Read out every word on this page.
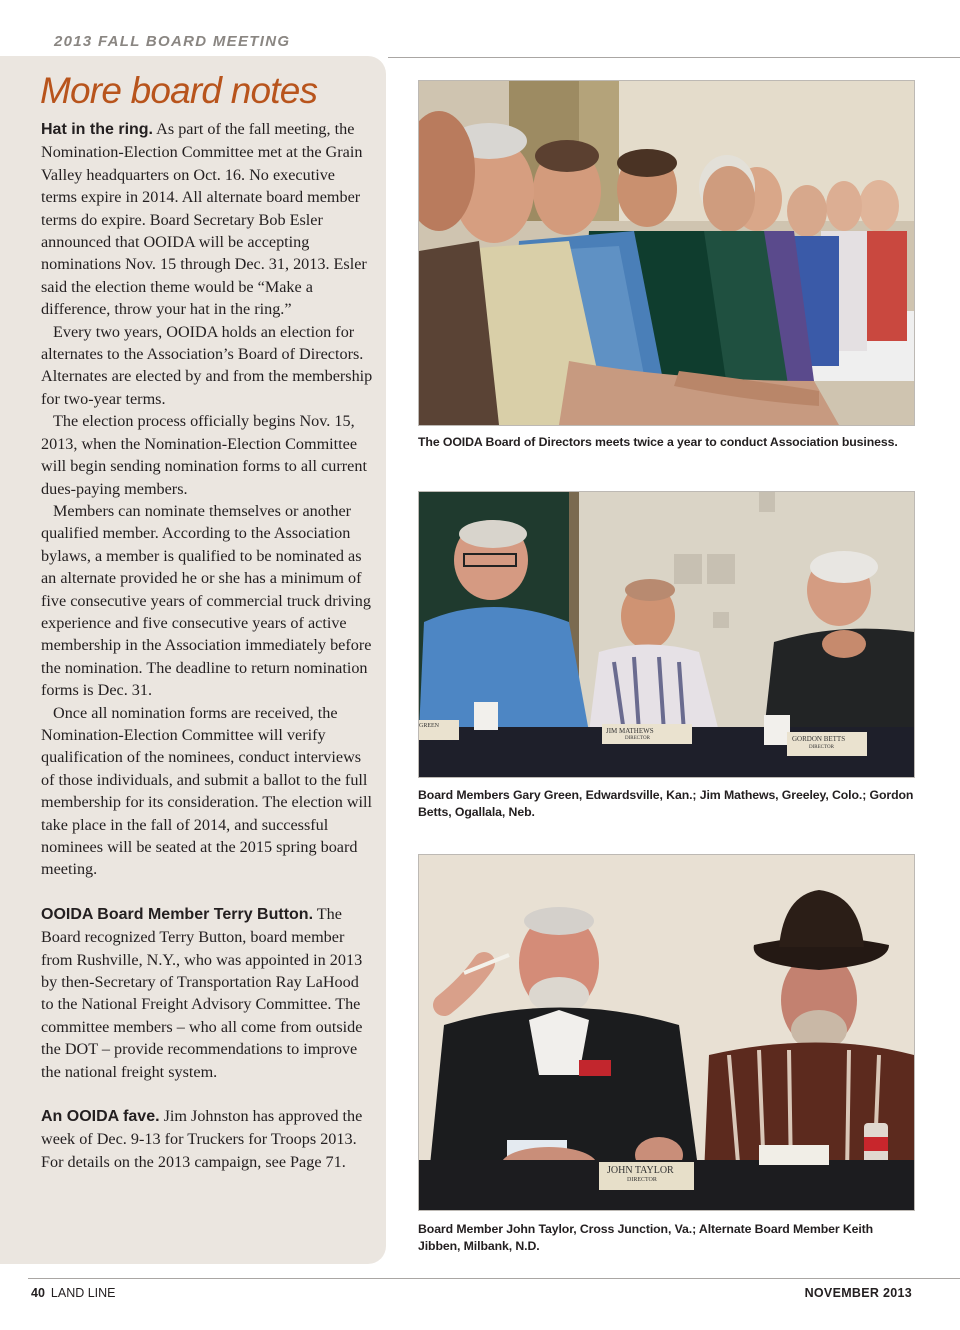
2013 FALL BOARD MEETING
More board notes

Hat in the ring. As part of the fall meeting, the Nomination-Election Committee met at the Grain Valley headquarters on Oct. 16. No executive terms expire in 2014. All alternate board member terms do expire. Board Secretary Bob Esler announced that OOIDA will be accepting nominations Nov. 15 through Dec. 31, 2013. Esler said the election theme would be “Make a difference, throw your hat in the ring.”

Every two years, OOIDA holds an election for alternates to the Association’s Board of Directors. Alternates are elected by and from the membership for two-year terms.

The election process officially begins Nov. 15, 2013, when the Nomination-Election Committee will begin sending nomination forms to all current dues-paying members.

Members can nominate themselves or another qualified member. According to the Association bylaws, a member is qualified to be nominated as an alternate provided he or she has a minimum of five consecutive years of commercial truck driving experience and five consecutive years of active membership in the Association immediately before the nomination. The deadline to return nomination forms is Dec. 31.

Once all nomination forms are received, the Nomination-Election Committee will verify qualification of the nominees, conduct interviews of those individuals, and submit a ballot to the full membership for its consideration. The election will take place in the fall of 2014, and successful nominees will be seated at the 2015 spring board meeting.

OOIDA Board Member Terry Button. The Board recognized Terry Button, board member from Rushville, N.Y., who was appointed in 2013 by then-Secretary of Transportation Ray LaHood to the National Freight Advisory Committee. The committee members – who all come from outside the DOT – provide recommendations to improve the national freight system.

An OOIDA fave. Jim Johnston has approved the week of Dec. 9-13 for Truckers for Troops 2013. For details on the 2013 campaign, see Page 71.

The OOIDA Board of Directors meets twice a year to conduct Association business.
GREEN
JIM MATHEWS
DIRECTOR	GORDON BETTS
DIRECTOR
Board Members Gary Green, Edwardsville, Kan.; Jim Mathews, Greeley, Colo.; Gordon Betts, Ogallala, Neb.
JOHN TAYLOR
DIRECTOR
Board Member John Taylor, Cross Junction, Va.; Alternate Board Member Keith Jibben, Milbank, N.D.
40 LAND LINE	NOVEMBER 2013
